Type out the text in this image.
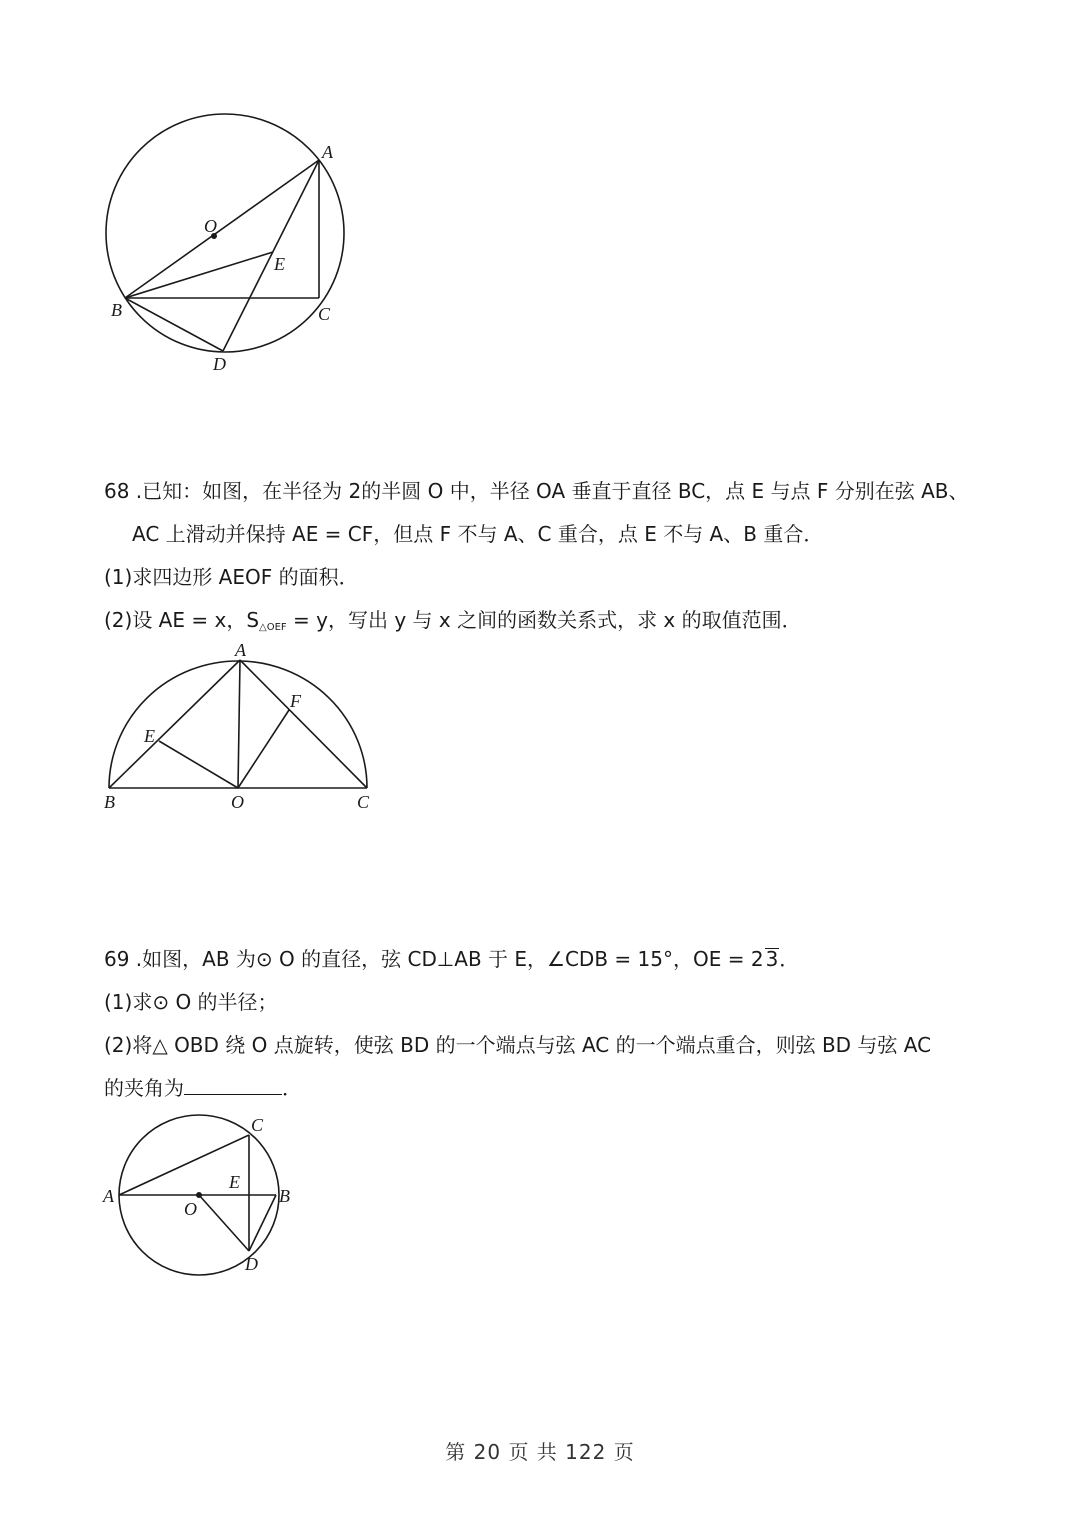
A
O
E
B	C
D
68 .已知：如图，在半径为 2的半圆 O 中，半径 OA 垂直于直径 BC，点 E 与点 F 分别在弦 AB、
AC 上滑动并保持 AE = CF，但点 F 不与 A、C 重合，点 E 不与 A、B 重合．
(1)求四边形 AEOF 的面积．
(2)设 AE = x，$S_{\triangle OEF} = y$，写出 y 与 x 之间的函数关系式，求 x 的取值范围．
A
E
F
B	O	C
69 .如图，AB 为⊙ O 的直径，弦 CD⊥AB 于 E，∠CDB = 15°，OE = 2 3．
(1)求⊙ O 的半径；
(2)将△ OBD 绕 O 点旋转，使弦 BD 的一个端点与弦 AC 的一个端点重合，则弦 BD 与弦 AC
的夹角为	．
C
E
A	B
O
D
第 20 页 共 122 页
